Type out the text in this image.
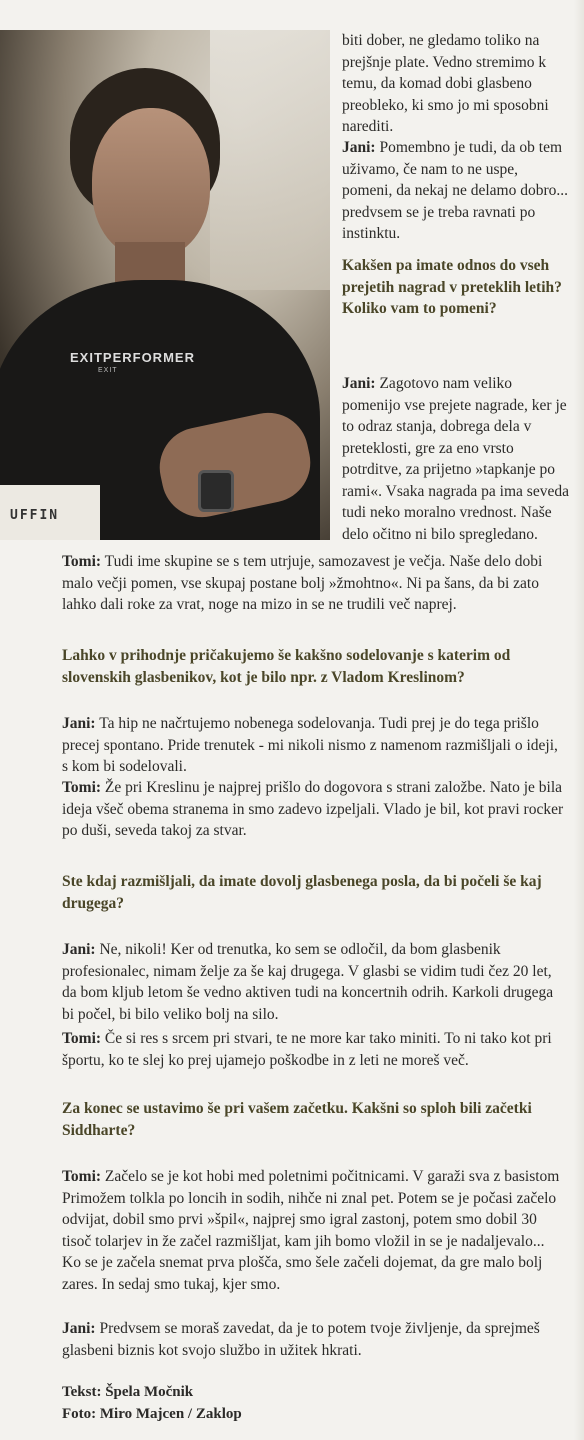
EXITPERFORMER
EXIT
UFFIN

biti dober, ne gledamo toliko na prejšnje plate. Vedno stremimo k temu, da komad dobi glasbeno preobleko, ki smo jo mi sposobni narediti.

Jani: Pomembno je tudi, da ob tem uživamo, če nam to ne uspe, pomeni, da nekaj ne delamo dobro... predvsem se je treba ravnati po instinktu.

Kakšen pa imate odnos do vseh prejetih nagrad v preteklih letih? Koliko vam to pomeni?

Jani: Zagotovo nam veliko pomenijo vse prejete nagrade, ker je to odraz stanja, dobrega dela v preteklosti, gre za eno vrsto potrditve, za prijetno »tapkanje po rami«. Vsaka nagrada pa ima seveda tudi neko moralno vrednost. Naše delo očitno ni bilo spregledano.

Tomi: Tudi ime skupine se s tem utrjuje, samozavest je večja. Naše delo dobi malo večji pomen, vse skupaj postane bolj »žmohtno«. Ni pa šans, da bi zato lahko dali roke za vrat, noge na mizo in se ne trudili več naprej.

Lahko v prihodnje pričakujemo še kakšno sodelovanje s katerim od slovenskih glasbenikov, kot je bilo npr. z Vladom Kreslinom?

Jani: Ta hip ne načrtujemo nobenega sodelovanja. Tudi prej je do tega prišlo precej spontano. Pride trenutek - mi nikoli nismo z namenom razmišljali o ideji, s kom bi sodelovali.

Tomi: Že pri Kreslinu je najprej prišlo do dogovora s strani založbe. Nato je bila ideja všeč obema stranema in smo zadevo izpeljali. Vlado je bil, kot pravi rocker po duši, seveda takoj za stvar.

Ste kdaj razmišljali, da imate dovolj glasbenega posla, da bi počeli še kaj drugega?

Jani: Ne, nikoli! Ker od trenutka, ko sem se odločil, da bom glasbenik profesionalec, nimam želje za še kaj drugega. V glasbi se vidim tudi čez 20 let, da bom kljub letom še vedno aktiven tudi na koncertnih odrih. Karkoli drugega bi počel, bi bilo veliko bolj na silo.

Tomi: Če si res s srcem pri stvari, te ne more kar tako miniti. To ni tako kot pri športu, ko te slej ko prej ujamejo poškodbe in z leti ne moreš več.

Za konec se ustavimo še pri vašem začetku. Kakšni so sploh bili začetki Siddharte?

Tomi: Začelo se je kot hobi med poletnimi počitnicami. V garaži sva z basistom Primožem tolkla po loncih in sodih, nihče ni znal pet. Potem se je počasi začelo odvijat, dobil smo prvi »špil«, najprej smo igral zastonj, potem smo dobil 30 tisoč tolarjev in že začel razmišljat, kam jih bomo vložil in se je nadaljevalo... Ko se je začela snemat prva plošča, smo šele začeli dojemat, da gre malo bolj zares. In sedaj smo tukaj, kjer smo.

Jani: Predvsem se moraš zavedat, da je to potem tvoje življenje, da sprejmeš glasbeni biznis kot svojo službo in užitek hkrati.

Tekst: Špela Močnik
Foto: Miro Majcen / Zaklop
